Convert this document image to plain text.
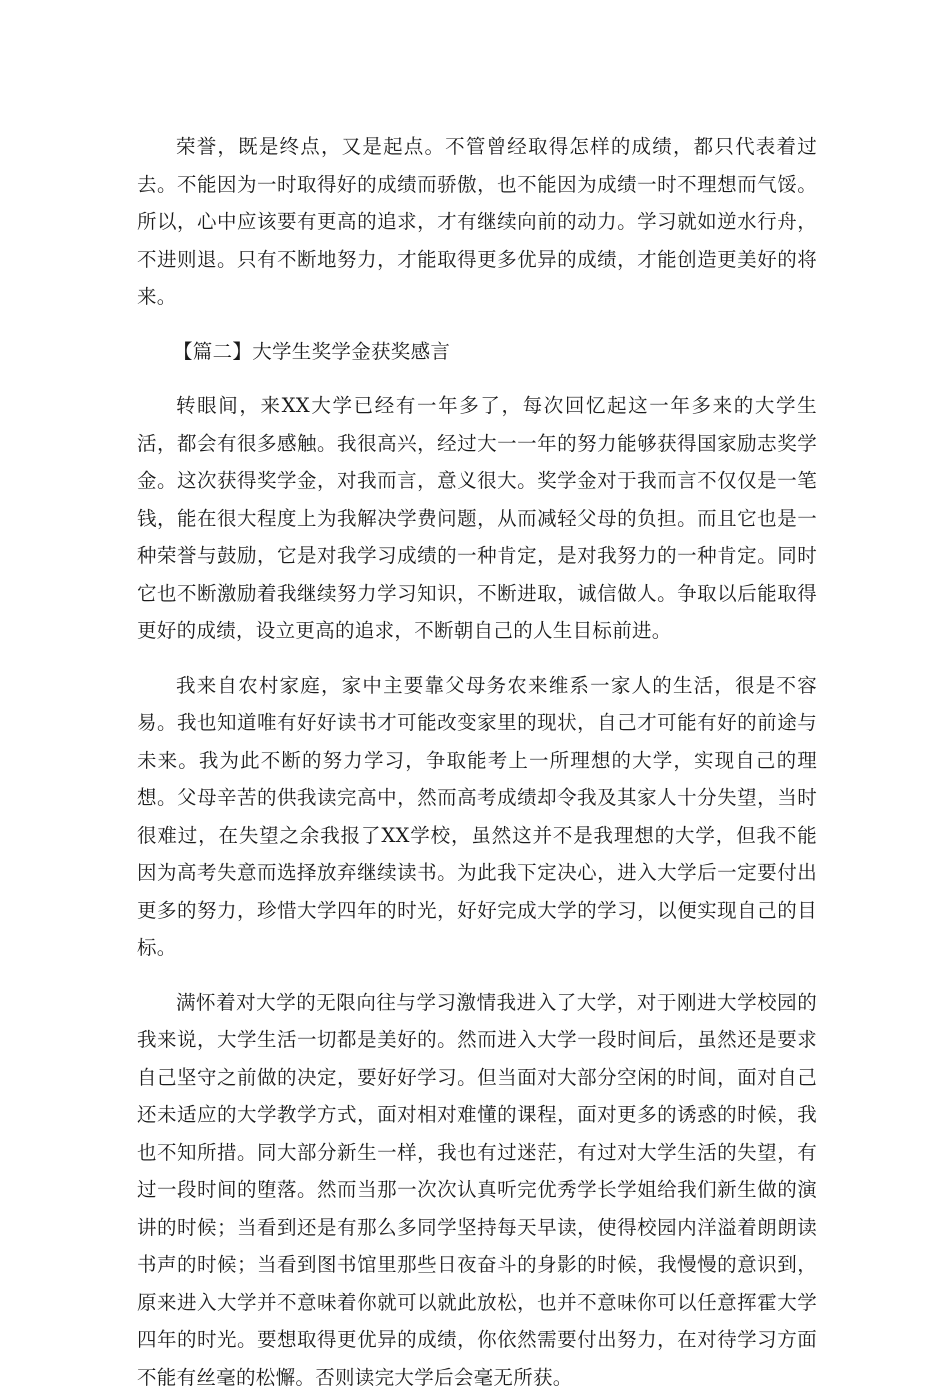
荣誉，既是终点，又是起点。不管曾经取得怎样的成绩，都只代表着过去。不能因为一时取得好的成绩而骄傲，也不能因为成绩一时不理想而气馁。所以，心中应该要有更高的追求，才有继续向前的动力。学习就如逆水行舟，不进则退。只有不断地努力，才能取得更多优异的成绩，才能创造更美好的将来。

【篇二】大学生奖学金获奖感言

转眼间，来XX大学已经有一年多了，每次回忆起这一年多来的大学生活，都会有很多感触。我很高兴，经过大一一年的努力能够获得国家励志奖学金。这次获得奖学金，对我而言，意义很大。奖学金对于我而言不仅仅是一笔钱，能在很大程度上为我解决学费问题，从而减轻父母的负担。而且它也是一种荣誉与鼓励，它是对我学习成绩的一种肯定，是对我努力的一种肯定。同时它也不断激励着我继续努力学习知识，不断进取，诚信做人。争取以后能取得更好的成绩，设立更高的追求，不断朝自己的人生目标前进。

我来自农村家庭，家中主要靠父母务农来维系一家人的生活，很是不容易。我也知道唯有好好读书才可能改变家里的现状，自己才可能有好的前途与未来。我为此不断的努力学习，争取能考上一所理想的大学，实现自己的理想。父母辛苦的供我读完高中，然而高考成绩却令我及其家人十分失望，当时很难过，在失望之余我报了XX学校，虽然这并不是我理想的大学，但我不能因为高考失意而选择放弃继续读书。为此我下定决心，进入大学后一定要付出更多的努力，珍惜大学四年的时光，好好完成大学的学习，以便实现自己的目标。

满怀着对大学的无限向往与学习激情我进入了大学，对于刚进大学校园的我来说，大学生活一切都是美好的。然而进入大学一段时间后，虽然还是要求自己坚守之前做的决定，要好好学习。但当面对大部分空闲的时间，面对自己还未适应的大学教学方式，面对相对难懂的课程，面对更多的诱惑的时候，我也不知所措。同大部分新生一样，我也有过迷茫，有过对大学生活的失望，有过一段时间的堕落。然而当那一次次认真听完优秀学长学姐给我们新生做的演讲的时候；当看到还是有那么多同学坚持每天早读，使得校园内洋溢着朗朗读书声的时候；当看到图书馆里那些日夜奋斗的身影的时候，我慢慢的意识到，原来进入大学并不意味着你就可以就此放松，也并不意味你可以任意挥霍大学四年的时光。要想取得更优异的成绩，你依然需要付出努力，在对待学习方面不能有丝毫的松懈。否则读完大学后会毫无所获。
